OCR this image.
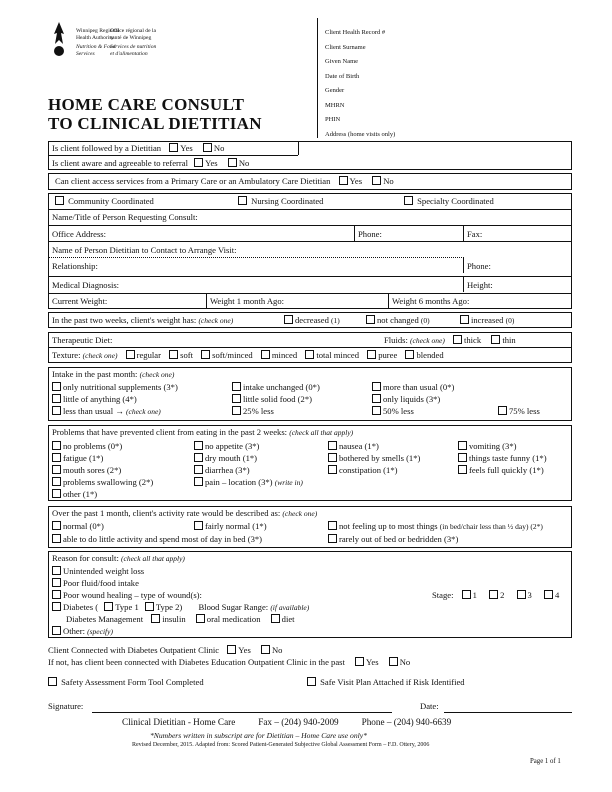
Winnipeg Regional
Health Authority
Nutrition & Food
Services
Office régional de la
santé de Winnipeg
Services de nutrition
et d'alimentation
HOME CARE CONSULT
TO CLINICAL DIETITIAN
Client Health Record #
Client Surname
Given Name
Date of Birth
Gender
MHRN
PHIN
Address (home visits only)
Is client followed by a Dietitian Yes No
Is client aware and agreeable to referral Yes No
Can client access services from a Primary Care or an Ambulatory Care Dietitian Yes No
Community Coordinated	Nursing Coordinated	Specialty Coordinated
Name/Title of Person Requesting Consult:
Office Address:	Phone:	Fax:
Name of Person Dietitian to Contact to Arrange Visit:
Relationship:	Phone:
Medical Diagnosis:	Height:
Current Weight:	Weight 1 month Ago:	Weight 6 months Ago:
In the past two weeks, client's weight has: (check one)	decreased (1)	not changed (0)	increased (0)
Therapeutic Diet:	Fluids: (check one) thick thin
Texture: (check one) regular soft soft/minced minced total minced puree blended
Intake in the past month: (check one)
only nutritional supplements (3*)	intake unchanged (0*)	more than usual (0*)
little of anything (4*)	little solid food (2*)	only liquids (3*)
less than usual → (check one)	25% less	50% less	75% less
Problems that have prevented client from eating in the past 2 weeks: (check all that apply)
no problems (0*)	no appetite (3*)	nausea (1*)	vomiting (3*)
fatigue (1*)	dry mouth (1*)	bothered by smells (1*)	things taste funny (1*)
mouth sores (2*)	diarrhea (3*)	constipation (1*)	feels full quickly (1*)
problems swallowing (2*)	pain – location (3*) (write in)
other (1*)
Over the past 1 month, client's activity rate would be described as: (check one)
normal (0*)	fairly normal (1*)	not feeling up to most things (in bed/chair less than ½ day) (2*)
able to do little activity and spend most of day in bed (3*)	rarely out of bed or bedridden (3*)
Reason for consult: (check all that apply)
Unintended weight loss
Poor fluid/food intake
Poor wound healing – type of wound(s):	Stage: 1	2	3	4
Diabetes ( Type 1 Type 2) Blood Sugar Range: (if available)
Diabetes Management insulin oral medication diet
Other: (specify)
Client Connected with Diabetes Outpatient Clinic Yes No
If not, has client been connected with Diabetes Education Outpatient Clinic in the past Yes No
Safety Assessment Form Tool Completed	Safe Visit Plan Attached if Risk Identified
Signature:	Date:
Clinical Dietitian - Home Care          Fax – (204) 940-2009          Phone – (204) 940-6639
*Numbers written in subscript are for Dietitian – Home Care use only*
Revised December, 2015. Adapted from: Scored Patient-Generated Subjective Global Assessment Form – F.D. Ottery, 2006
Page 1 of 1
